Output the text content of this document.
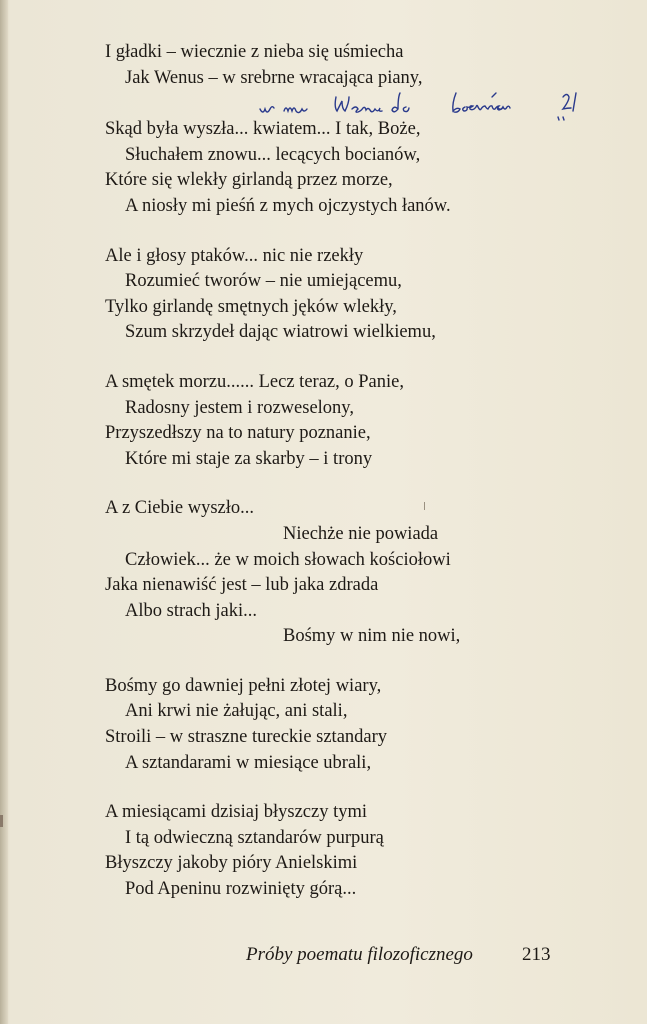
I gładki – wiecznie z nieba się uśmiecha
Jak Wenus – w srebrne wracająca piany,
Skąd była wyszła... kwiatem... I tak, Boże,
Słuchałem znowu... lecących bocianów,
Które się wlekły girlandą przez morze,
A niosły mi pieśń z mych ojczystych łanów.
Ale i głosy ptaków... nic nie rzekły
Rozumieć tworów – nie umiejącemu,
Tylko girlandę smętnych jęków wlekły,
Szum skrzydeł dając wiatrowi wielkiemu,
A smętek morzu...... Lecz teraz, o Panie,
Radosny jestem i rozweselony,
Przyszedłszy na to natury poznanie,
Które mi staje za skarby – i trony
A z Ciebie wyszło...
Niechże nie powiada
Człowiek... że w moich słowach kościołowi
Jaka nienawiść jest – lub jaka zdrada
Albo strach jaki...
Bośmy w nim nie nowi,
Bośmy go dawniej pełni złotej wiary,
Ani krwi nie żałując, ani stali,
Stroili – w straszne tureckie sztandary
A sztandarami w miesiące ubrali,
A miesiącami dzisiaj błyszczy tymi
I tą odwieczną sztandarów purpurą
Błyszczy jakoby pióry Anielskimi
Pod Apeninu rozwinięty górą...
Próby poematu filozoficznego	213
